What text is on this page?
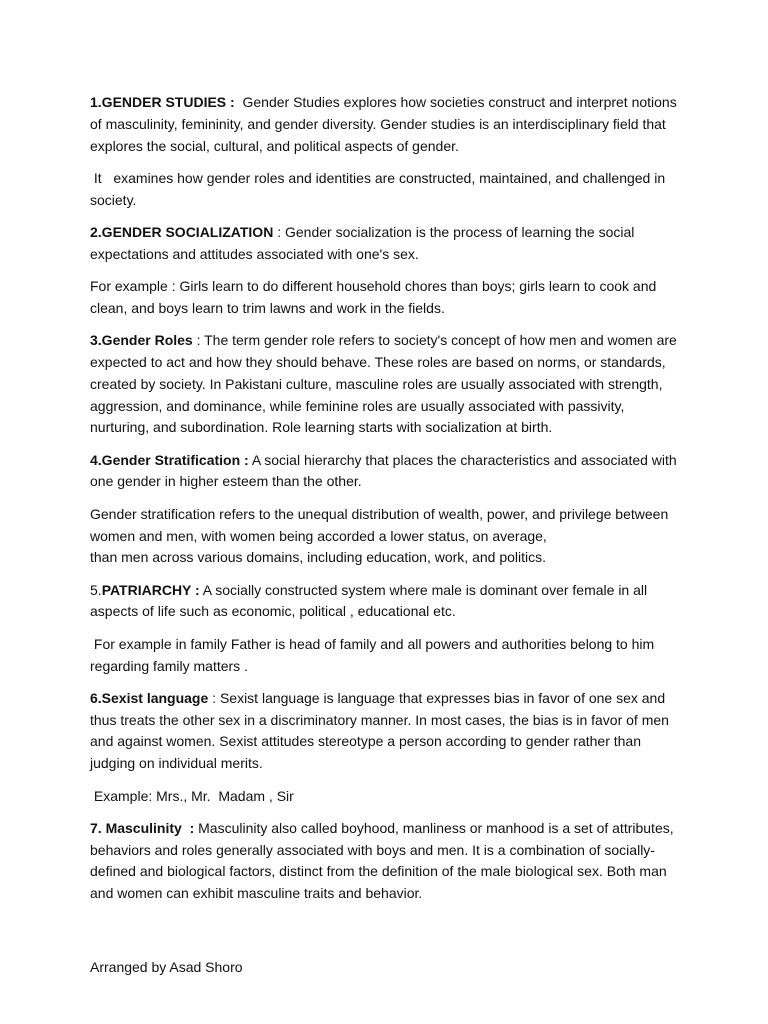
1.GENDER STUDIES :  Gender Studies explores how societies construct and interpret notions of masculinity, femininity, and gender diversity. Gender studies is an interdisciplinary field that explores the social, cultural, and political aspects of gender.

It   examines how gender roles and identities are constructed, maintained, and challenged in society.

2.GENDER SOCIALIZATION : Gender socialization is the process of learning the social expectations and attitudes associated with one's sex.

For example : Girls learn to do different household chores than boys; girls learn to cook and clean, and boys learn to trim lawns and work in the fields.

3.Gender Roles : The term gender role refers to society's concept of how men and women are expected to act and how they should behave. These roles are based on norms, or standards, created by society. In Pakistani culture, masculine roles are usually associated with strength, aggression, and dominance, while feminine roles are usually associated with passivity, nurturing, and subordination. Role learning starts with socialization at birth.

4.Gender Stratification : A social hierarchy that places the characteristics and associated with one gender in higher esteem than the other.

Gender stratification refers to the unequal distribution of wealth, power, and privilege between women and men, with women being accorded a lower status, on average,
than men across various domains, including education, work, and politics.

5.PATRIARCHY : A socially constructed system where male is dominant over female in all aspects of life such as economic, political , educational etc.

For example in family Father is head of family and all powers and authorities belong to him regarding family matters .

6.Sexist language : Sexist language is language that expresses bias in favor of one sex and thus treats the other sex in a discriminatory manner. In most cases, the bias is in favor of men and against women. Sexist attitudes stereotype a person according to gender rather than judging on individual merits.

Example: Mrs., Mr.  Madam , Sir

7. Masculinity  : Masculinity also called boyhood, manliness or manhood is a set of attributes, behaviors and roles generally associated with boys and men. It is a combination of socially- defined and biological factors, distinct from the definition of the male biological sex. Both man and women can exhibit masculine traits and behavior.

Arranged by Asad Shoro
